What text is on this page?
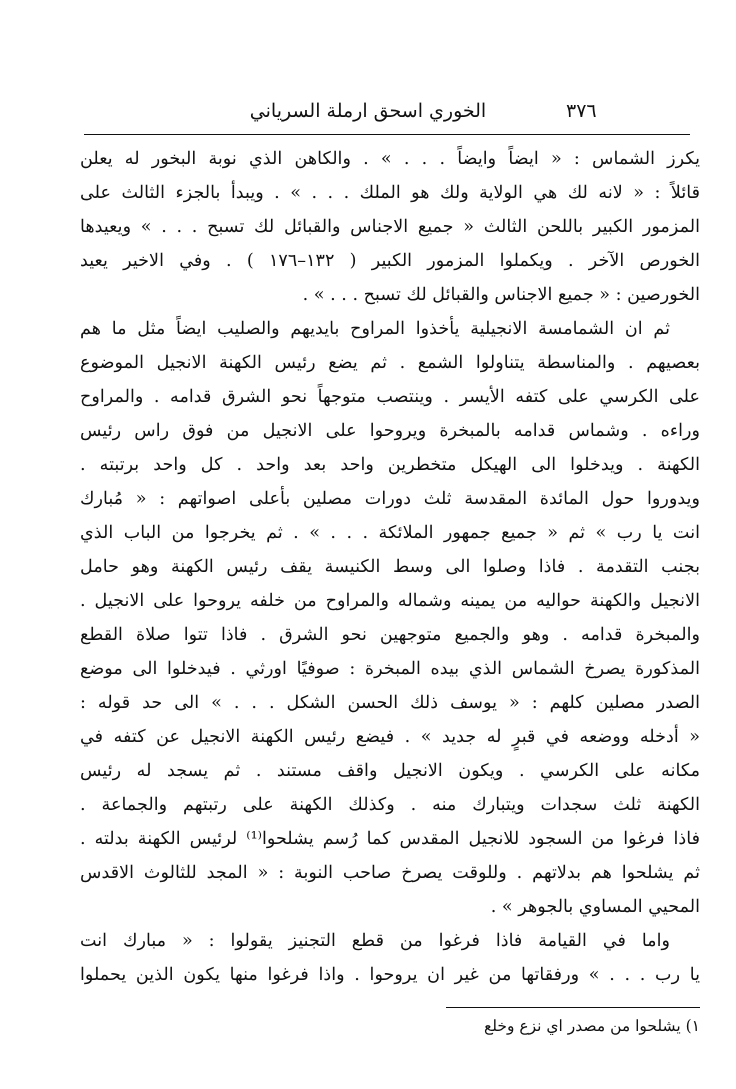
٣٧٦
الخوري اسحق ارملة السرياني
يكرز الشماس : « ايضاً وايضاً . . . » . والكاهن الذي نوبة البخور له يعلن
قائلاً : « لانه لك هي الولاية ولك هو الملك . . . » . ويبدأ بالجزء الثالث على
المزمور الكبير باللحن الثالث « جميع الاجناس والقبائل لك تسبح . . . » ويعيدها
الخورص الآخر . ويكملوا المزمور الكبير ( ١٣٢–١٧٦ ) . وفي الاخير يعيد
الخورصين : « جميع الاجناس والقبائل لك تسبح . . . » .
ثم ان الشمامسة الانجيلية يأخذوا المراوح بايديهم والصليب ايضاً مثل ما هم
بعصيهم . والمناسطة يتناولوا الشمع . ثم يضع رئيس الكهنة الانجيل الموضوع
على الكرسي على كتفه الأيسر . وينتصب متوجهاً نحو الشرق قدامه . والمراوح
وراءه . وشماس قدامه بالمبخرة ويروحوا على الانجيل من فوق راس رئيس
الكهنة . ويدخلوا الى الهيكل متخطرين واحد بعد واحد . كل واحد برتبته .
ويدوروا حول المائدة المقدسة ثلث دورات مصلين بأعلى اصواتهم : « مُبارك
انت يا رب » ثم « جميع جمهور الملائكة . . . » . ثم يخرجوا من الباب الذي
بجنب التقدمة . فاذا وصلوا الى وسط الكنيسة يقف رئيس الكهنة وهو حامل
الانجيل والكهنة حواليه من يمينه وشماله والمراوح من خلفه يروحوا على الانجيل .
والمبخرة قدامه . وهو والجميع متوجهين نحو الشرق . فاذا تتوا صلاة القطع
المذكورة يصرخ الشماس الذي بيده المبخرة : صوفيًا اورثي . فيدخلوا الى موضع
الصدر مصلين كلهم : « يوسف ذلك الحسن الشكل . . . » الى حد قوله :
« أدخله ووضعه في قبرٍ له جديد » . فيضع رئيس الكهنة الانجيل عن كتفه في
مكانه على الكرسي . ويكون الانجيل واقف مستند . ثم يسجد له رئيس
الكهنة ثلث سجدات ويتبارك منه . وكذلك الكهنة على رتبتهم والجماعة .
فاذا فرغوا من السجود للانجيل المقدس كما رُسم يشلحوا⁽¹⁾ لرئيس الكهنة بدلته .
ثم يشلحوا هم بدلاتهم . وللوقت يصرخ صاحب النوبة : « المجد للثالوث الاقدس
المحيي المساوي بالجوهر » .
واما في القيامة فاذا فرغوا من قطع التجنيز يقولوا : « مبارك انت
يا رب . . . » ورفقاتها من غير ان يروحوا . واذا فرغوا منها يكون الذين يحملوا
١) يشلحوا من مصدر اي نزع وخلع
